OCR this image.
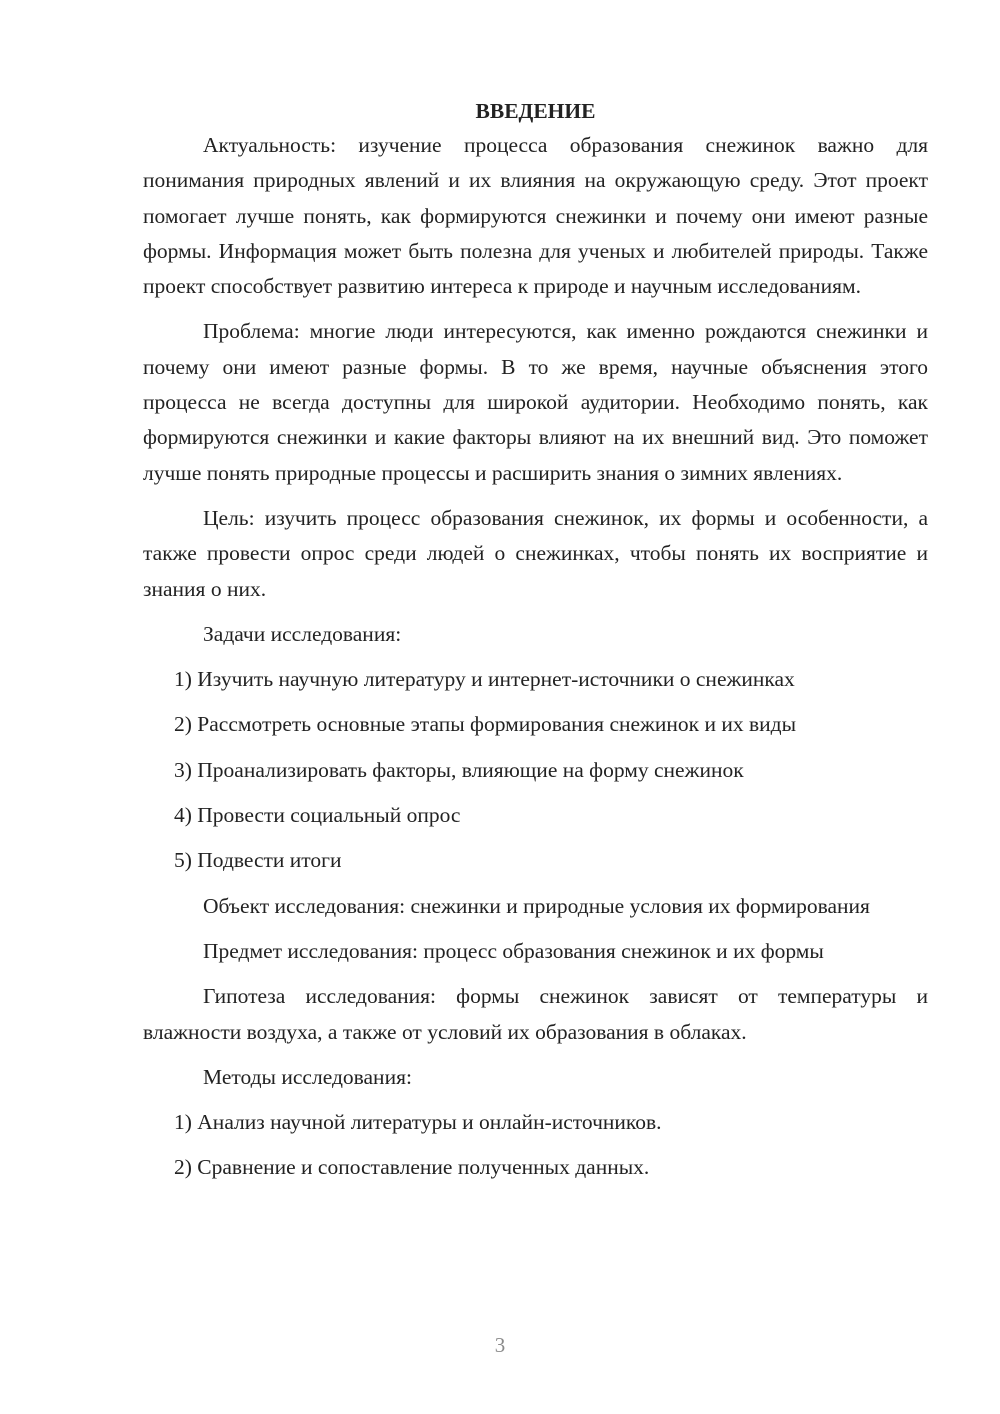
ВВЕДЕНИЕ

Актуальность: изучение процесса образования снежинок важно для понимания природных явлений и их влияния на окружающую среду. Этот проект помогает лучше понять, как формируются снежинки и почему они имеют разные формы. Информация может быть полезна для ученых и любителей природы. Также проект способствует развитию интереса к природе и научным исследованиям.

Проблема: многие люди интересуются, как именно рождаются снежинки и почему они имеют разные формы. В то же время, научные объяснения этого процесса не всегда доступны для широкой аудитории. Необходимо понять, как формируются снежинки и какие факторы влияют на их внешний вид. Это поможет лучше понять природные процессы и расширить знания о зимних явлениях.

Цель: изучить процесс образования снежинок, их формы и особенности, а также провести опрос среди людей о снежинках, чтобы понять их восприятие и знания о них.

Задачи исследования:

1) Изучить научную литературу и интернет-источники о снежинках

2) Рассмотреть основные этапы формирования снежинок и их виды

3) Проанализировать факторы, влияющие на форму снежинок

4) Провести социальный опрос

5) Подвести итоги

Объект исследования: снежинки и природные условия их формирования

Предмет исследования: процесс образования снежинок и их формы

Гипотеза исследования: формы снежинок зависят от температуры и влажности воздуха, а также от условий их образования в облаках.

Методы исследования:

1) Анализ научной литературы и онлайн-источников.

2) Сравнение и сопоставление полученных данных.

3
